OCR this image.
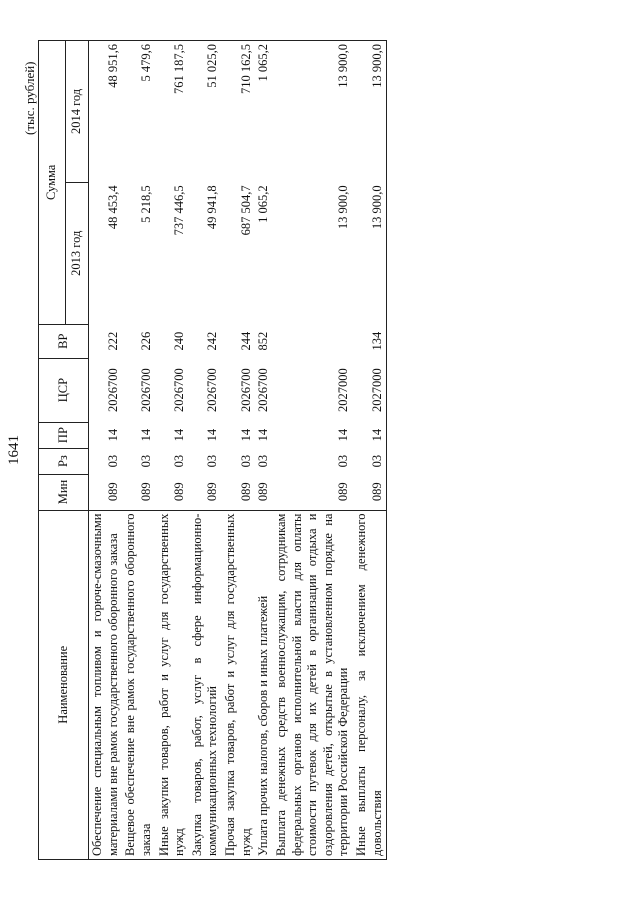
1641
(тыс. рублей)
Наименование	Мин	Рз	ПР	ЦСР	ВР	Сумма	
						2013 год	2014 год
Обеспечение специальным топливом и горюче-смазочными материалами вне рамок государственного оборонного заказа	089	03	14	2026700	222	48 453,4	48 951,6
Вещевое обеспечение вне рамок государственного оборонного заказа	089	03	14	2026700	226	5 218,5	5 479,6
Иные закупки товаров, работ и услуг для государственных нужд	089	03	14	2026700	240	737 446,5	761 187,5
Закупка товаров, работ, услуг в сфере информационно-коммуникационных технологий	089	03	14	2026700	242	49 941,8	51 025,0
Прочая закупка товаров, работ и услуг для государственных нужд	089	03	14	2026700	244	687 504,7	710 162,5
Уплата прочих налогов, сборов и иных платежей	089	03	14	2026700	852	1 065,2	1 065,2
Выплата денежных средств военнослужащим, сотрудникам федеральных органов исполнительной власти для оплаты стоимости путевок для их детей в организации отдыха и оздоровления детей, открытые в установленном порядке на территории Российской Федерации	089	03	14	2027000		13 900,0	13 900,0
Иные выплаты персоналу, за исключением денежного довольствия	089	03	14	2027000	134	13 900,0	13 900,0
